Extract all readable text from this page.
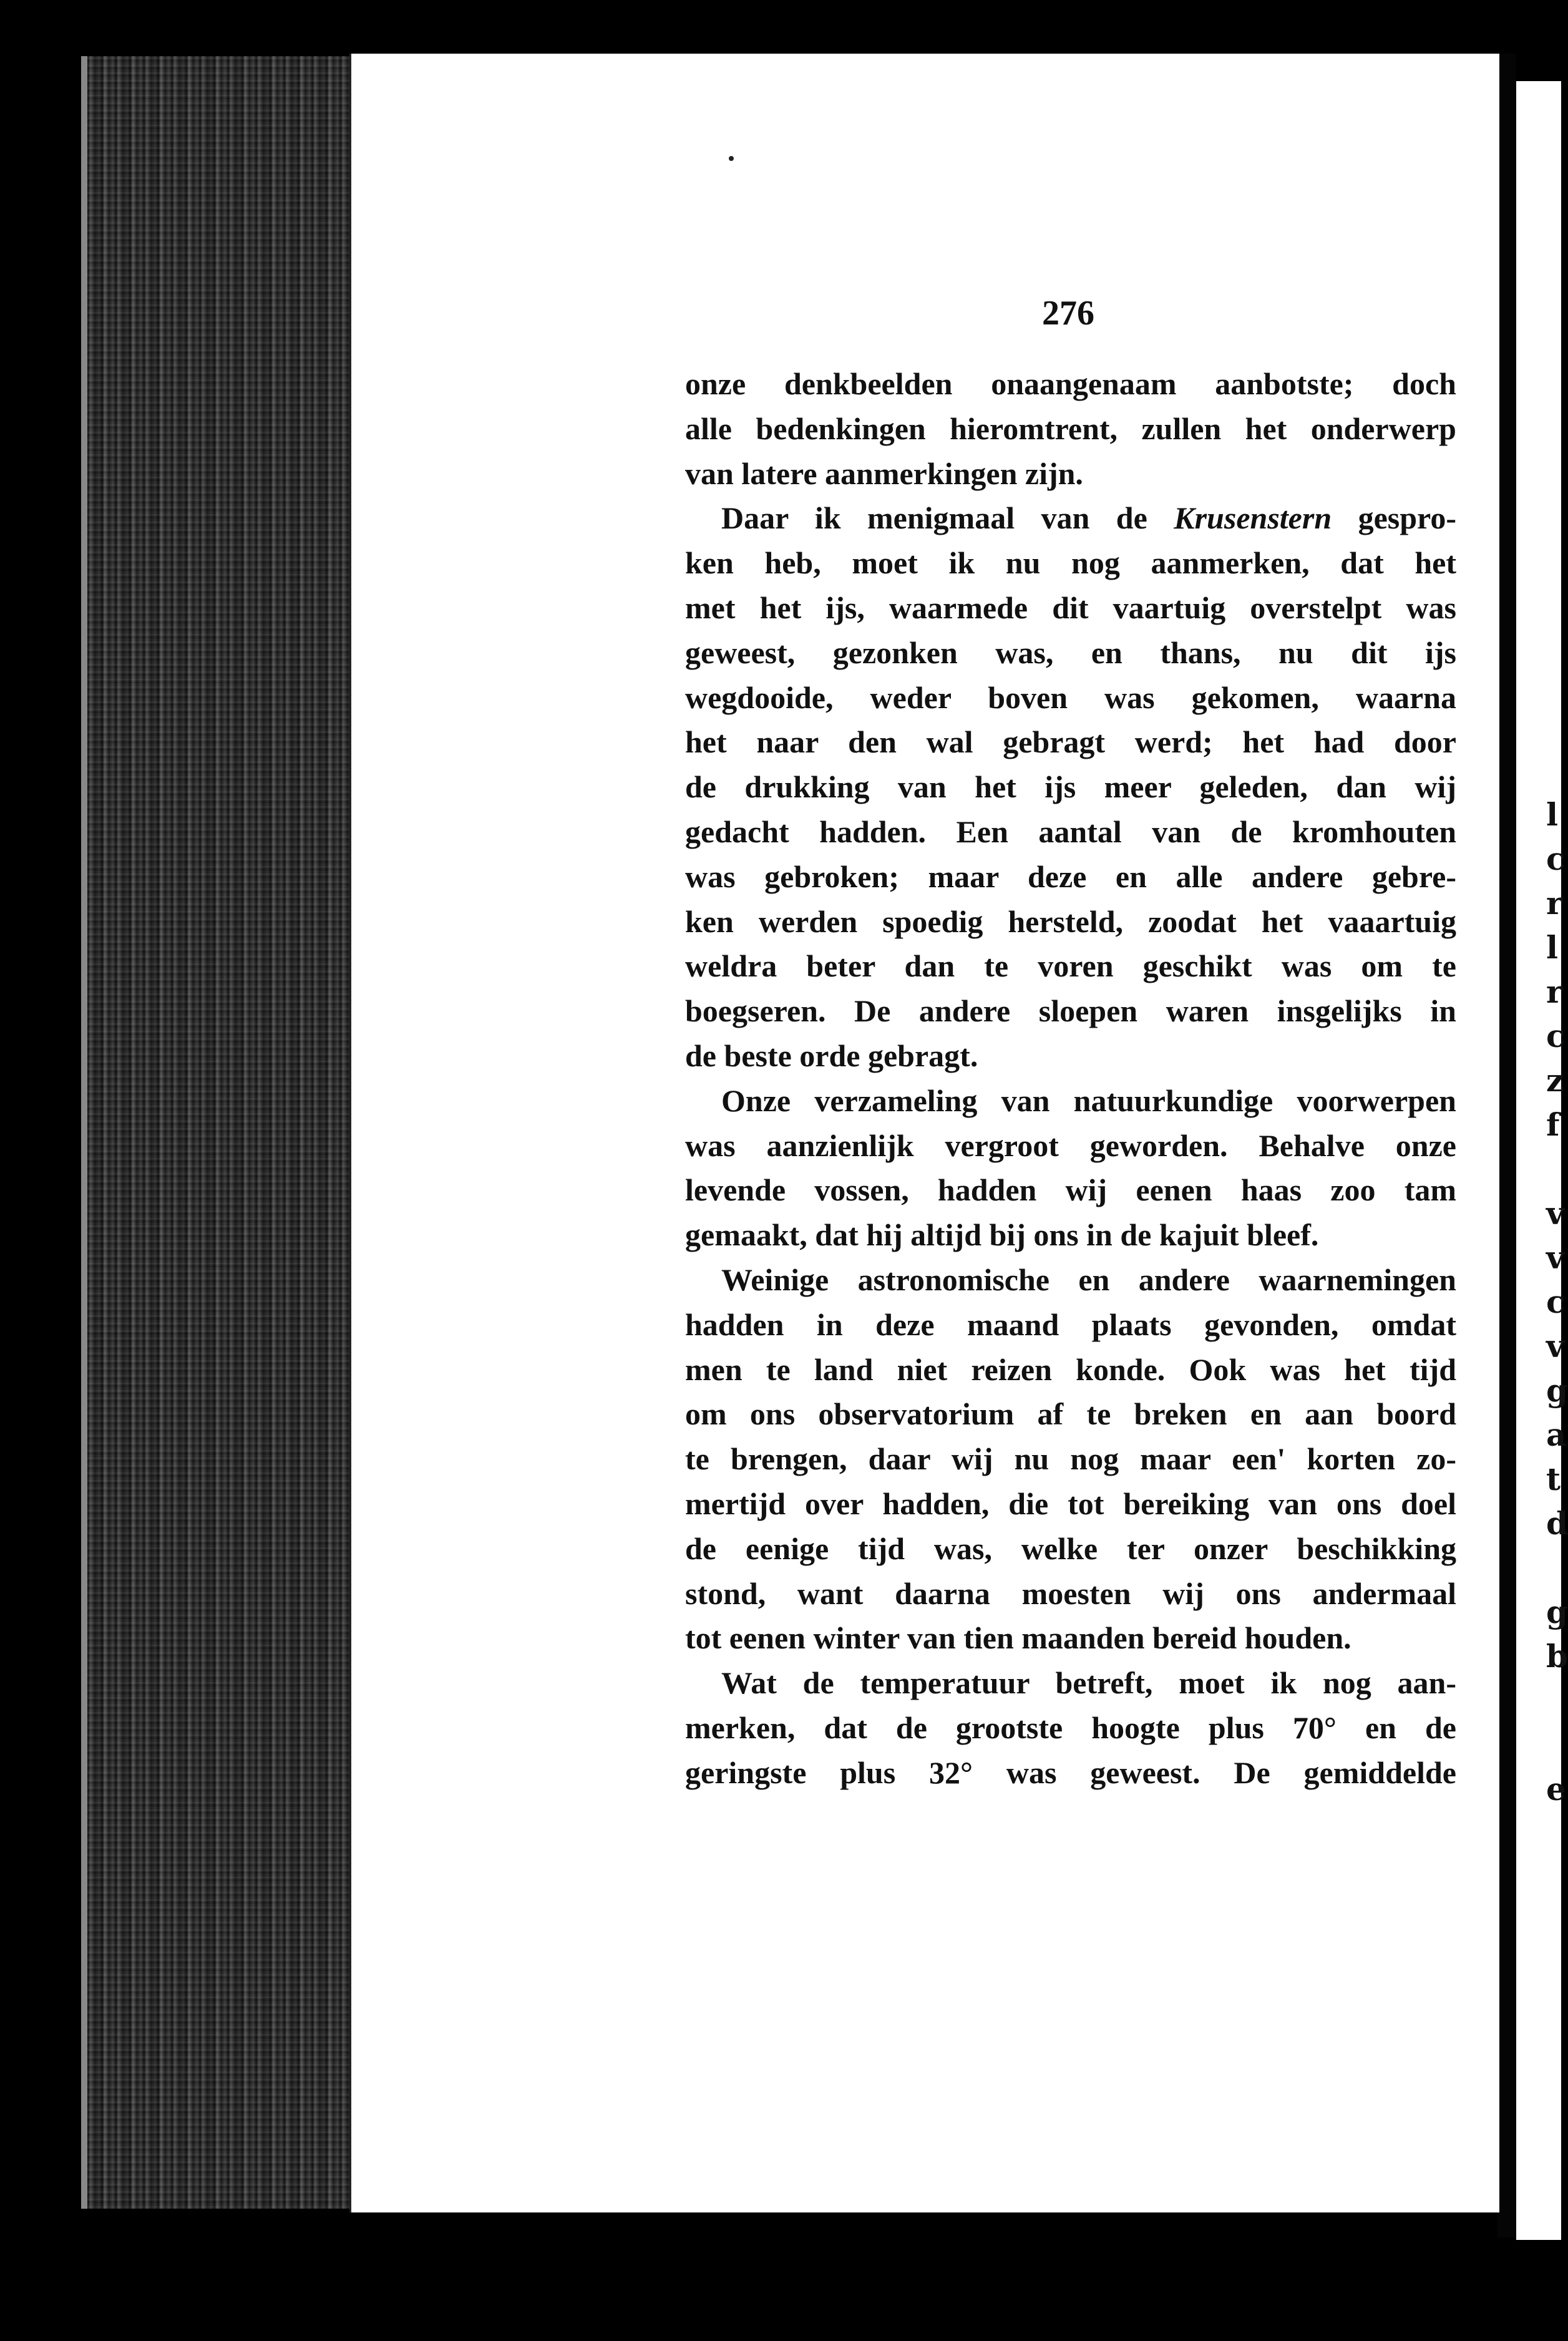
l
c
r
l
r
c
z
f
v
v
c
v
g
a
t
d
g
b
e
276
onze denkbeelden onaangenaam aanbotste; doch
alle bedenkingen hieromtrent, zullen het onderwerp
van latere aanmerkingen zijn.
Daar ik menigmaal van de Krusenstern gespro-
ken heb, moet ik nu nog aanmerken, dat het
met het ijs, waarmede dit vaartuig overstelpt was
geweest, gezonken was, en thans, nu dit ijs
wegdooide, weder boven was gekomen, waarna
het naar den wal gebragt werd; het had door
de drukking van het ijs meer geleden, dan wij
gedacht hadden. Een aantal van de kromhouten
was gebroken; maar deze en alle andere gebre-
ken werden spoedig hersteld, zoodat het vaaartuig
weldra beter dan te voren geschikt was om te
boegseren. De andere sloepen waren insgelijks in
de beste orde gebragt.
Onze verzameling van natuurkundige voorwerpen
was aanzienlijk vergroot geworden. Behalve onze
levende vossen, hadden wij eenen haas zoo tam
gemaakt, dat hij altijd bij ons in de kajuit bleef.
Weinige astronomische en andere waarnemingen
hadden in deze maand plaats gevonden, omdat
men te land niet reizen konde. Ook was het tijd
om ons observatorium af te breken en aan boord
te brengen, daar wij nu nog maar een' korten zo-
mertijd over hadden, die tot bereiking van ons doel
de eenige tijd was, welke ter onzer beschikking
stond, want daarna moesten wij ons andermaal
tot eenen winter van tien maanden bereid houden.
Wat de temperatuur betreft, moet ik nog aan-
merken, dat de grootste hoogte plus 70° en de
geringste plus 32° was geweest. De gemiddelde
